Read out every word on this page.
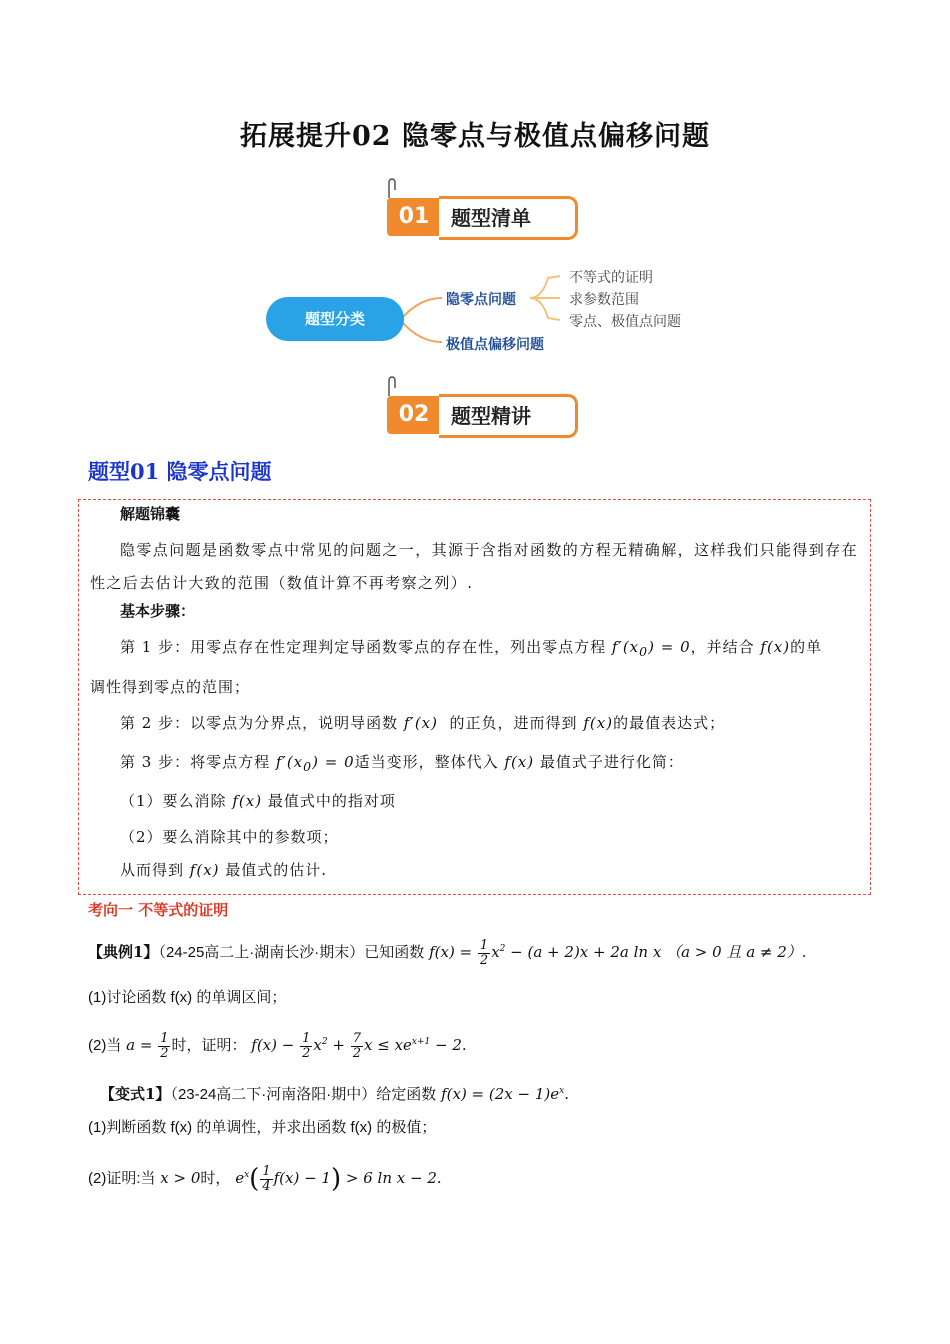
拓展提升02 隐零点与极值点偏移问题
01	题型清单
题型分类
隐零点问题
极值点偏移问题
不等式的证明
求参数范围
零点、极值点问题
02	题型精讲
题型01 隐零点问题
解题锦囊
隐零点问题是函数零点中常见的问题之一，其源于含指对函数的方程无精确解，这样我们只能得到存在性之后去估计大致的范围（数值计算不再考察之列）.
基本步骤：
第 1 步：用零点存在性定理判定导函数零点的存在性，列出零点方程 $f'(x_0) = 0$，并结合 f(x)的单
调性得到零点的范围；
第 2 步：以零点为分界点，说明导函数 f′(x) 的正负，进而得到 f(x)的最值表达式；
第 3 步：将零点方程 $f'(x_0) = 0$适当变形，整体代入 f(x) 最值式子进行化简：
（1）要么消除 f(x) 最值式中的指对项
（2）要么消除其中的参数项；
从而得到 f(x) 最值式的估计.
考向一 不等式的证明
【典例1】（24-25高二上·湖南长沙·期末）已知函数 $f(x) = \frac{1}{2} x^2 - (a + 2)x + 2a$ ln x （a > 0 且 a ≠ 2）.
(1)讨论函数 f(x) 的单调区间；
(2)当 $a = \frac{1}{2}$ 时，证明： $f(x) - \frac{1}{2} x^2 + \frac{7}{2}$ $x \le xe^{x+1} - 2$.
【变式1】（23-24高二下·河南洛阳·期中）给定函数 $f(x) = (2x - 1)e^x$.
(1)判断函数 f(x) 的单调性，并求出函数 f(x) 的极值；
(2)证明:当 x > 0时， $e^x( \frac{1}{4} f(x) - 1) > 6$ ln x − 2.
